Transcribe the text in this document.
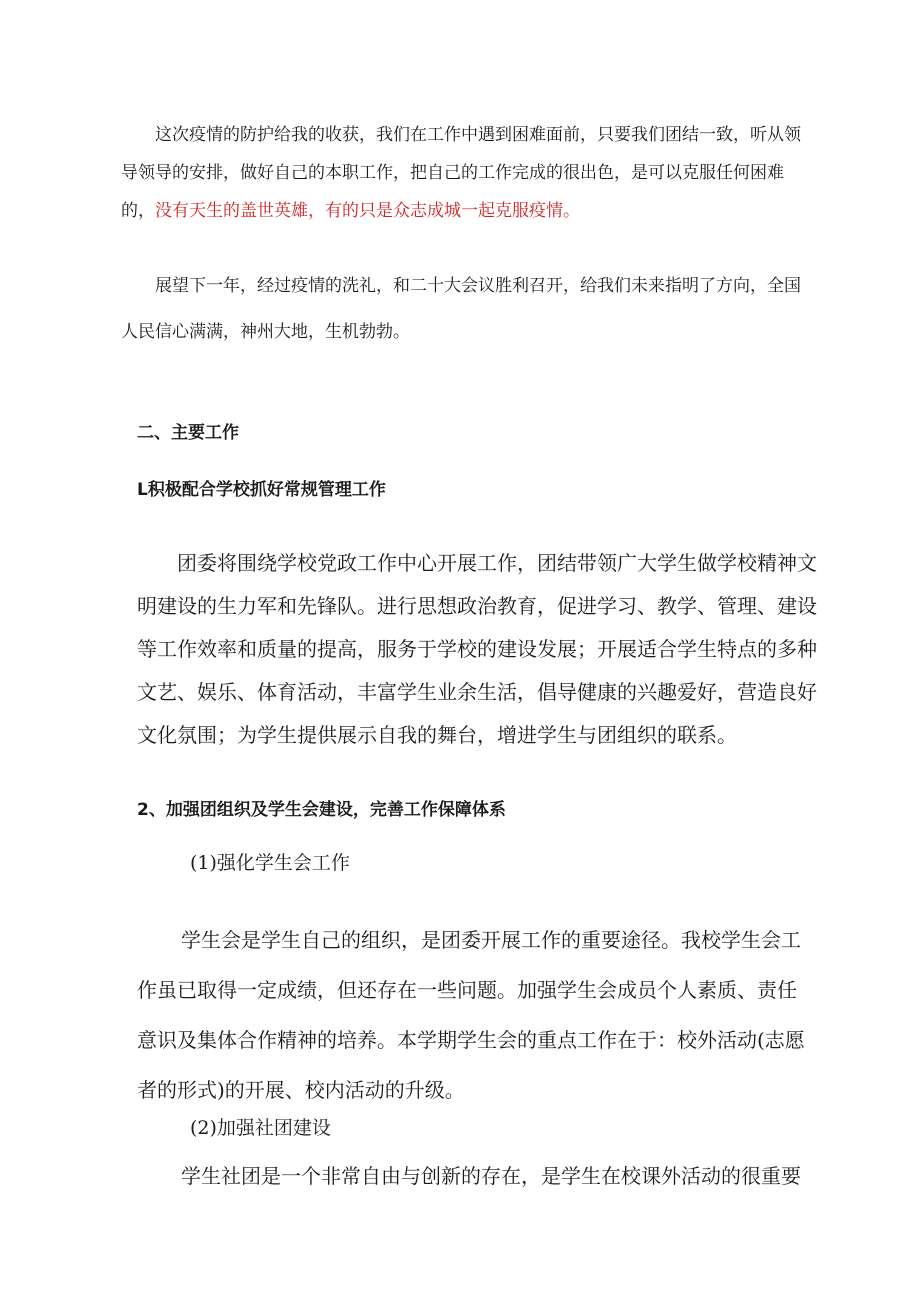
这次疫情的防护给我的收获，我们在工作中遇到困难面前，只要我们团结一致，听从领导领导的安排，做好自己的本职工作，把自己的工作完成的很出色，是可以克服任何困难的，没有天生的盖世英雄，有的只是众志成城一起克服疫情。

展望下一年，经过疫情的洗礼，和二十大会议胜利召开，给我们未来指明了方向，全国人民信心满满，神州大地，生机勃勃。

二、主要工作
L积极配合学校抓好常规管理工作

团委将围绕学校党政工作中心开展工作，团结带领广大学生做学校精神文明建设的生力军和先锋队。进行思想政治教育，促进学习、教学、管理、建设等工作效率和质量的提高，服务于学校的建设发展；开展适合学生特点的多种文艺、娱乐、体育活动，丰富学生业余生活，倡导健康的兴趣爱好，营造良好文化氛围；为学生提供展示自我的舞台，增进学生与团组织的联系。

2、加强团组织及学生会建设，完善工作保障体系
(1)强化学生会工作

学生会是学生自己的组织，是团委开展工作的重要途径。我校学生会工作虽已取得一定成绩，但还存在一些问题。加强学生会成员个人素质、责任意识及集体合作精神的培养。本学期学生会的重点工作在于：校外活动(志愿者的形式)的开展、校内活动的升级。

(2)加强社团建设

学生社团是一个非常自由与创新的存在，是学生在校课外活动的很重要
